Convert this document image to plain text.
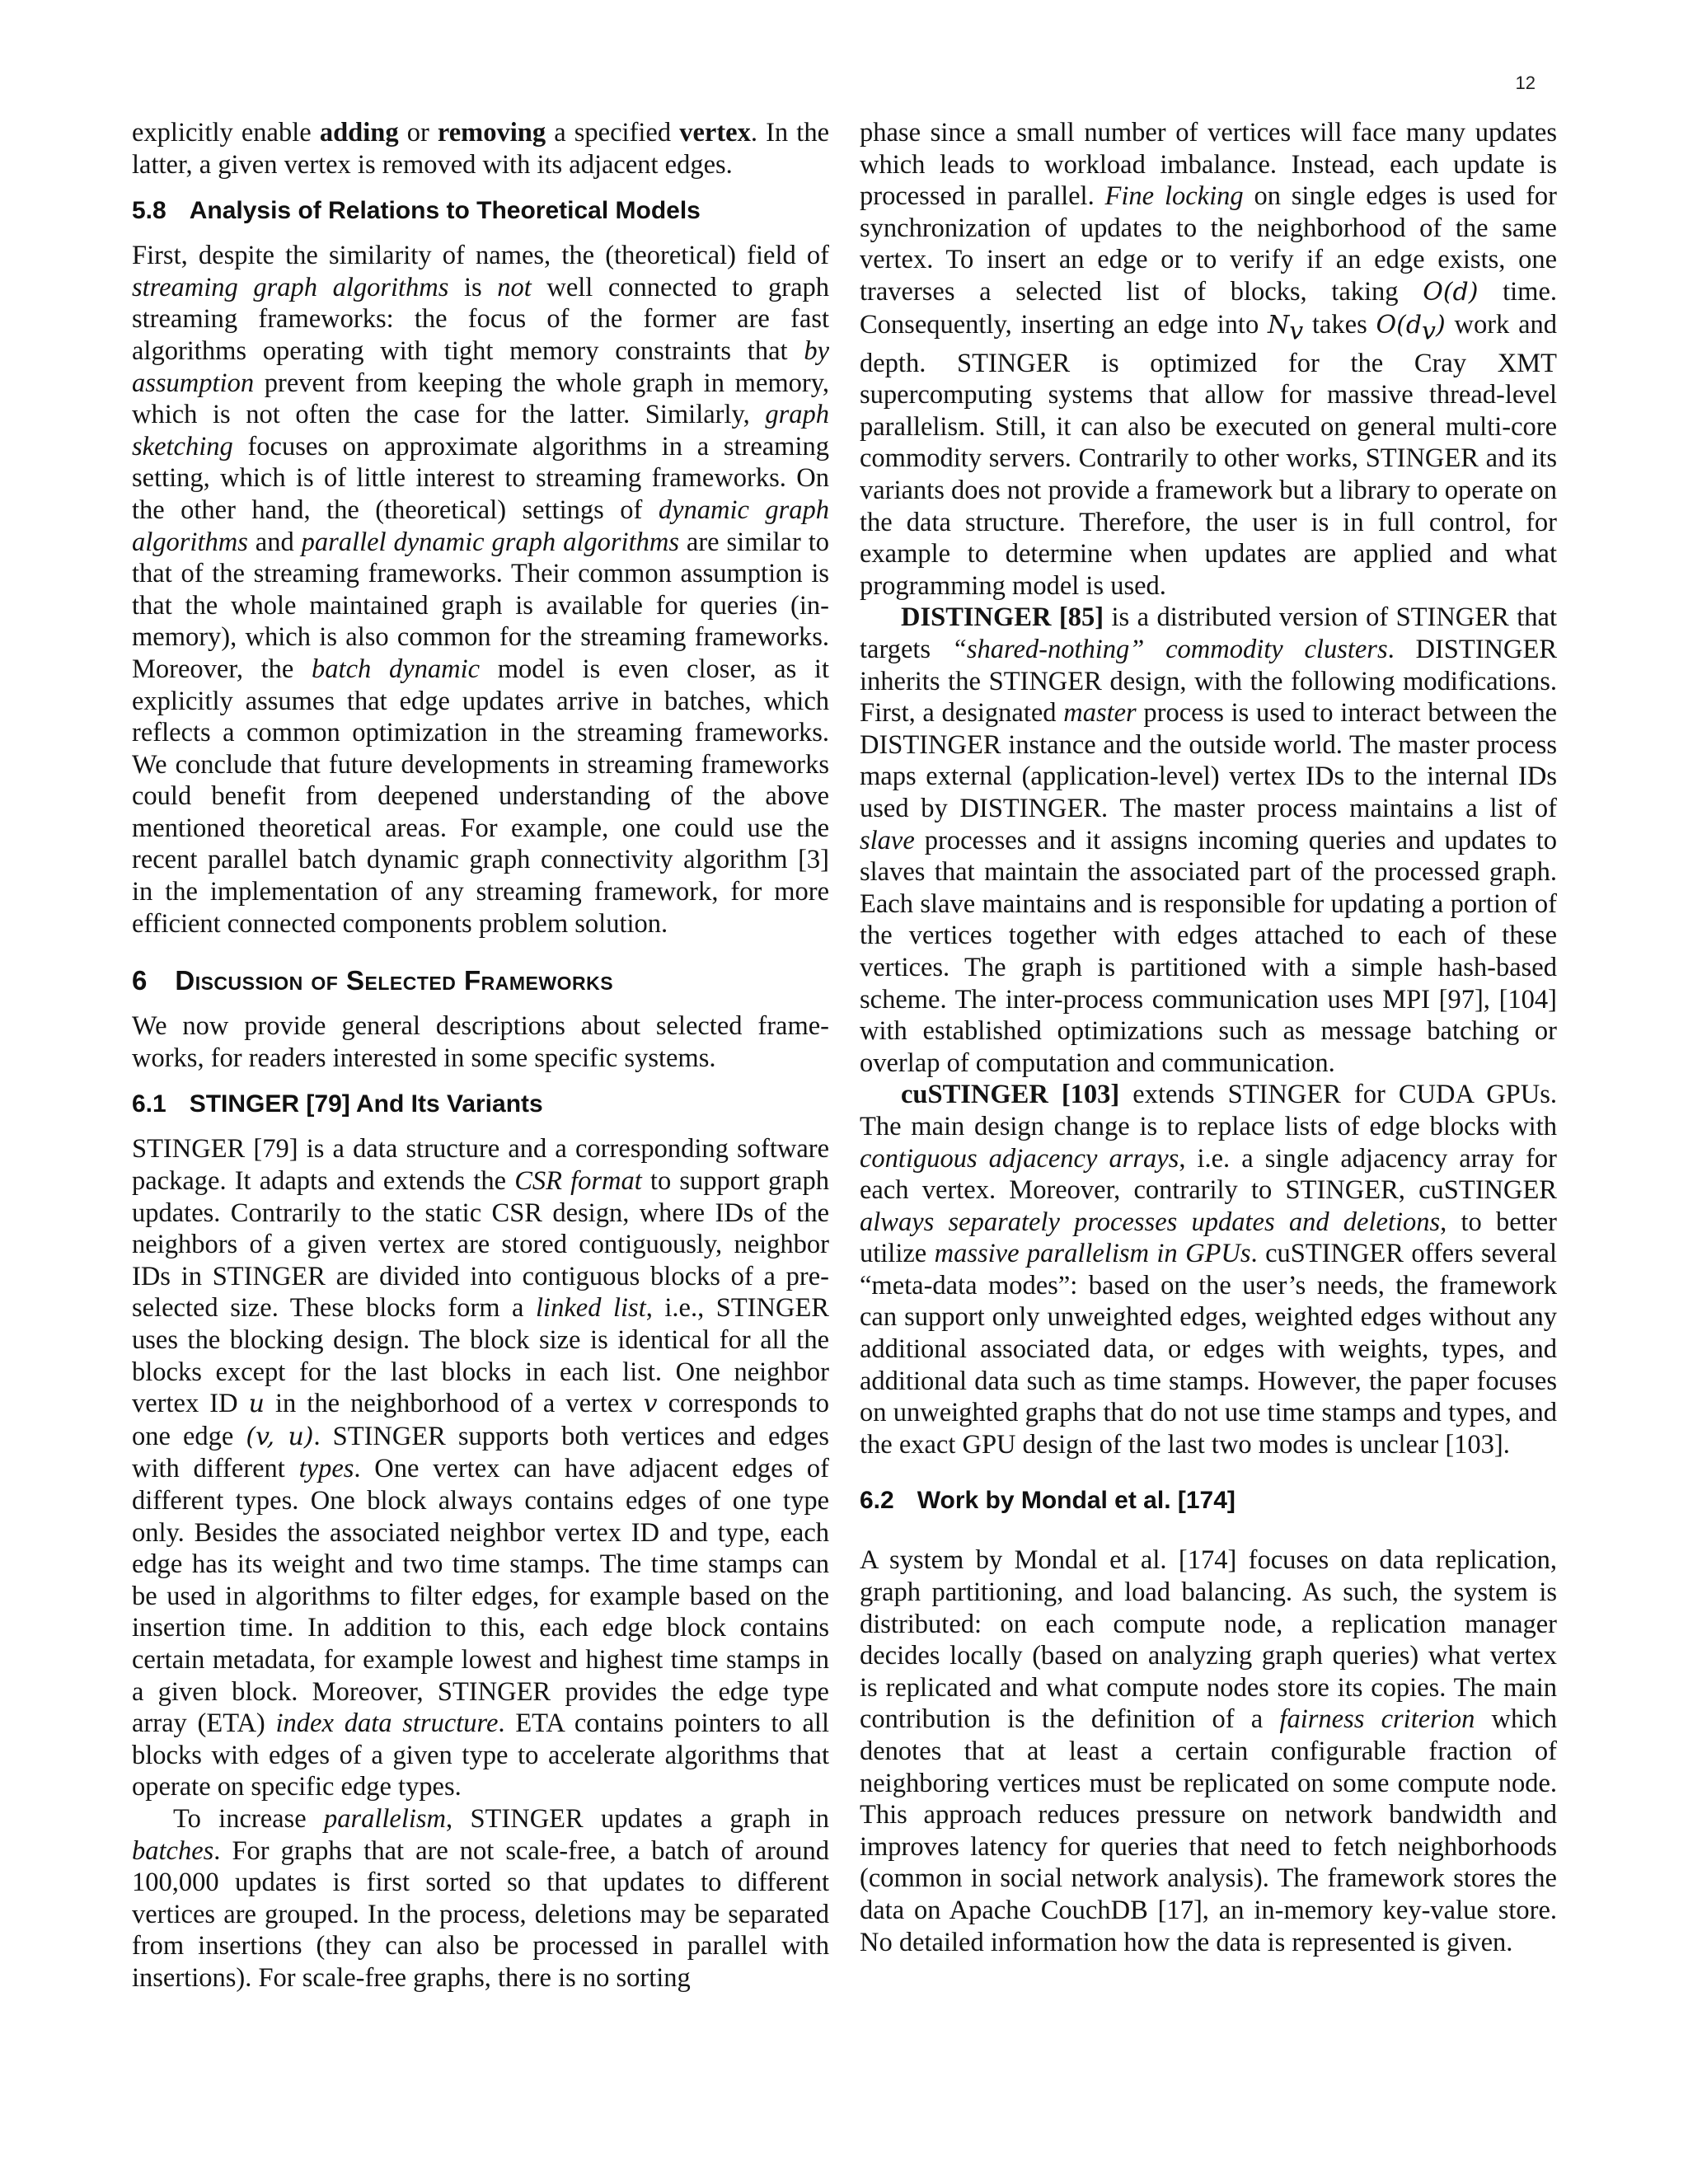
12

explicitly enable adding or removing a specified vertex. In the latter, a given vertex is removed with its adjacent edges.

5.8 Analysis of Relations to Theoretical Models

First, despite the similarity of names, the (theoretical) field of streaming graph algorithms is not well connected to graph streaming frameworks: the focus of the former are fast algorithms operating with tight memory constraints that by assumption prevent from keeping the whole graph in memory, which is not often the case for the latter. Similarly, graph sketching focuses on approximate algorithms in a streaming setting, which is of little interest to streaming frameworks. On the other hand, the (theoretical) settings of dynamic graph algorithms and parallel dynamic graph algorithms are similar to that of the streaming frameworks. Their common assumption is that the whole maintained graph is available for queries (in-memory), which is also common for the streaming frameworks. Moreover, the batch dynamic model is even closer, as it explicitly assumes that edge updates arrive in batches, which reflects a common optimization in the streaming frameworks. We conclude that future developments in streaming frameworks could benefit from deepened understanding of the above mentioned theoretical areas. For example, one could use the recent parallel batch dynamic graph connectivity algorithm [3] in the implementation of any streaming framework, for more efficient connected components problem solution.

6 Discussion of Selected Frameworks

We now provide general descriptions about selected frameworks, for readers interested in some specific systems.

6.1 STINGER [79] And Its Variants

STINGER [79] is a data structure and a corresponding software package. It adapts and extends the CSR format to support graph updates. Contrarily to the static CSR design, where IDs of the neighbors of a given vertex are stored contiguously, neighbor IDs in STINGER are divided into contiguous blocks of a pre-selected size. These blocks form a linked list, i.e., STINGER uses the blocking design. The block size is identical for all the blocks except for the last blocks in each list. One neighbor vertex ID u in the neighborhood of a vertex v corresponds to one edge (v, u). STINGER supports both vertices and edges with different types. One vertex can have adjacent edges of different types. One block always contains edges of one type only. Besides the associated neighbor vertex ID and type, each edge has its weight and two time stamps. The time stamps can be used in algorithms to filter edges, for example based on the insertion time. In addition to this, each edge block contains certain metadata, for example lowest and highest time stamps in a given block. Moreover, STINGER provides the edge type array (ETA) index data structure. ETA contains pointers to all blocks with edges of a given type to accelerate algorithms that operate on specific edge types.

To increase parallelism, STINGER updates a graph in batches. For graphs that are not scale-free, a batch of around 100,000 updates is first sorted so that updates to different vertices are grouped. In the process, deletions may be separated from insertions (they can also be processed in parallel with insertions). For scale-free graphs, there is no sorting

phase since a small number of vertices will face many updates which leads to workload imbalance. Instead, each update is processed in parallel. Fine locking on single edges is used for synchronization of updates to the neighborhood of the same vertex. To insert an edge or to verify if an edge exists, one traverses a selected list of blocks, taking O(d) time. Consequently, inserting an edge into $N_v$ takes $O(d_v)$ work and depth. STINGER is optimized for the Cray XMT supercomputing systems that allow for massive thread-level parallelism. Still, it can also be executed on general multi-core commodity servers. Contrarily to other works, STINGER and its variants does not provide a framework but a library to operate on the data structure. Therefore, the user is in full control, for example to determine when updates are applied and what programming model is used.

DISTINGER [85] is a distributed version of STINGER that targets “shared-nothing” commodity clusters. DISTINGER inherits the STINGER design, with the following modifications. First, a designated master process is used to interact between the DISTINGER instance and the outside world. The master process maps external (application-level) vertex IDs to the internal IDs used by DISTINGER. The master process maintains a list of slave processes and it assigns incoming queries and updates to slaves that maintain the associated part of the processed graph. Each slave maintains and is responsible for updating a portion of the vertices together with edges attached to each of these vertices. The graph is partitioned with a simple hash-based scheme. The inter-process communication uses MPI [97], [104] with established optimizations such as message batching or overlap of computation and communication.

cuSTINGER [103] extends STINGER for CUDA GPUs. The main design change is to replace lists of edge blocks with contiguous adjacency arrays, i.e. a single adjacency array for each vertex. Moreover, contrarily to STINGER, cuSTINGER always separately processes updates and deletions, to better utilize massive parallelism in GPUs. cuSTINGER offers several “meta-data modes”: based on the user’s needs, the framework can support only unweighted edges, weighted edges without any additional associated data, or edges with weights, types, and additional data such as time stamps. However, the paper focuses on unweighted graphs that do not use time stamps and types, and the exact GPU design of the last two modes is unclear [103].

6.2 Work by Mondal et al. [174]

A system by Mondal et al. [174] focuses on data replication, graph partitioning, and load balancing. As such, the system is distributed: on each compute node, a replication manager decides locally (based on analyzing graph queries) what vertex is replicated and what compute nodes store its copies. The main contribution is the definition of a fairness criterion which denotes that at least a certain configurable fraction of neighboring vertices must be replicated on some compute node. This approach reduces pressure on network bandwidth and improves latency for queries that need to fetch neighborhoods (common in social network analysis). The framework stores the data on Apache CouchDB [17], an in-memory key-value store. No detailed information how the data is represented is given.
